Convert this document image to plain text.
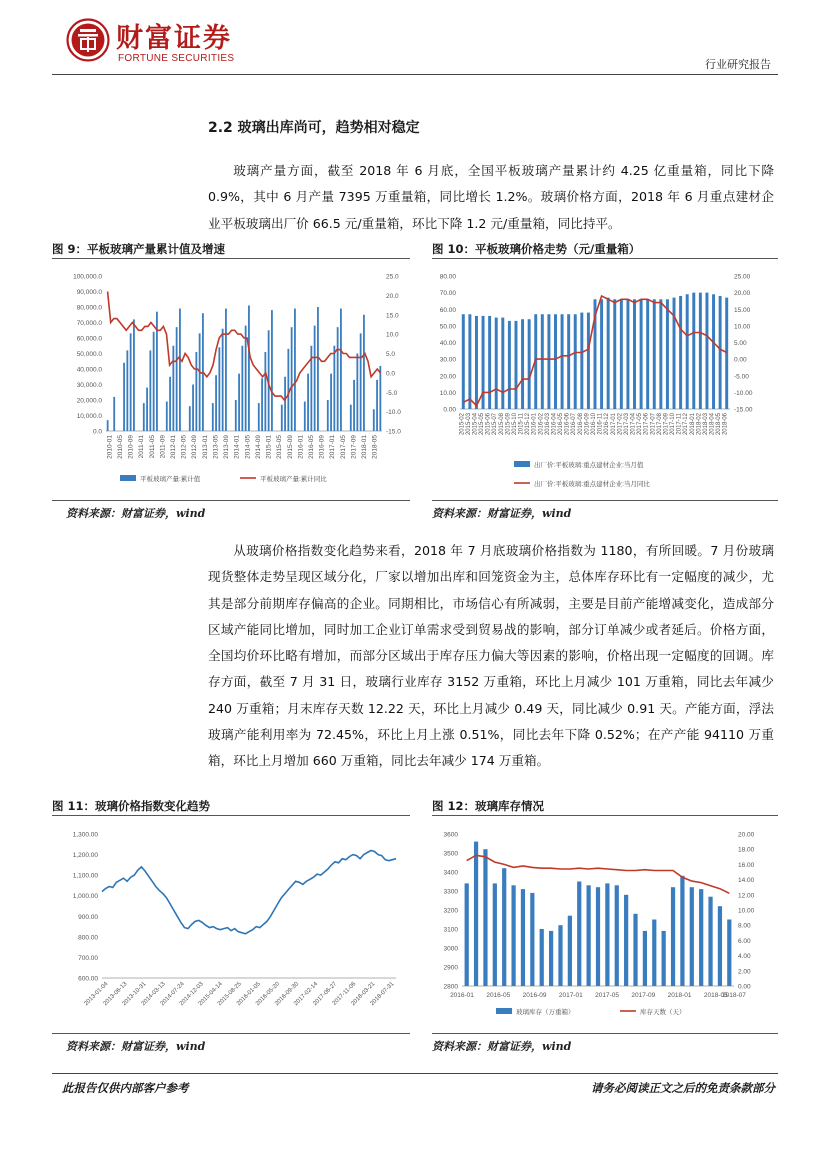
财富证券
FORTUNE SECURITIES	行业研究报告
2.2 玻璃出库尚可，趋势相对稳定

玻璃产量方面，截至 2018 年 6 月底，全国平板玻璃产量累计约 4.25 亿重量箱，同比下降 0.9%，其中 6 月产量 7395 万重量箱，同比增长 1.2%。玻璃价格方面，2018 年 6 月重点建材企业平板玻璃出厂价 66.5 元/重量箱，环比下降 1.2 元/重量箱，同比持平。

图 9：平板玻璃产量累计值及增速	图 10：平板玻璃价格走势（元/重量箱）
0.0
10,000.0
20,000.0
30,000.0
40,000.0
50,000.0
60,000.0
70,000.0
80,000.0
90,000.0
100,000.0
-15.0
-10.0
-5.0
0.0
5.0
10.0
15.0
20.0
25.0
2010-01 2010-05 2010-09 2011-01 2011-05 2011-09 2012-01 2012-05 2012-09 2013-01 2013-05 2013-09 2014-01 2014-05 2014-09 2015-01 2015-05 2015-09 2016-01 2016-05 2016-09 2017-01 2017-05 2017-09 2018-01 2018-05
平板玻璃产量:累计值	平板玻璃产量:累计同比
0.00
10.00
20.00
30.00
40.00
50.00
60.00
70.00
80.00
-15.00
-10.00
-5.00
0.00
5.00
10.00
15.00
20.00
25.00
2015-02 2015-03 2015-04 2015-05 2015-06 2015-07 2015-08 2015-09 2015-10 2015-11 2015-12 2016-01 2016-02 2016-03 2016-04 2016-05 2016-06 2016-07 2016-08 2016-09 2016-10 2016-11 2016-12 2017-01 2017-02 2017-03 2017-04 2017-05 2017-06 2017-07 2017-08 2017-09 2017-10 2017-11 2017-12 2018-01 2018-02 2018-03 2018-04 2018-05 2018-06
出厂价:平板玻璃:重点建材企业:当月值
出厂价:平板玻璃:重点建材企业:当月同比
资料来源：财富证券，wind	资料来源：财富证券，wind

从玻璃价格指数变化趋势来看，2018 年 7 月底玻璃价格指数为 1180，有所回暖。7 月份玻璃现货整体走势呈现区域分化，厂家以增加出库和回笼资金为主，总体库存环比有一定幅度的减少，尤其是部分前期库存偏高的企业。同期相比，市场信心有所减弱，主要是目前产能增减变化，造成部分区域产能同比增加，同时加工企业订单需求受到贸易战的影响，部分订单减少或者延后。价格方面，全国均价环比略有增加，而部分区域出于库存压力偏大等因素的影响，价格出现一定幅度的回调。库存方面，截至 7 月 31 日，玻璃行业库存 3152 万重箱，环比上月减少 101 万重箱，同比去年减少 240 万重箱；月末库存天数 12.22 天，环比上月减少 0.49 天，同比减少 0.91 天。产能方面，浮法玻璃产能利用率为 72.45%，环比上月上涨 0.51%，同比去年下降 0.52%；在产产能 94110 万重箱，环比上月增加 660 万重箱，同比去年减少 174 万重箱。

图 11：玻璃价格指数变化趋势	图 12：玻璃库存情况
600.00
700.00
800.00
900.00
1,000.00
1,100.00
1,200.00
1,300.00
2013-01-04
2013-06-13
2013-10-31
2014-03-13
2014-07-24
2014-12-03
2015-04-14
2015-08-25
2016-01-05
2016-05-20
2016-09-30
2017-02-14
2017-06-27
2017-11-06
2018-03-21
2018-07-31	2800
2900
3000
3100
3200
3300
3400
3500
3600
0.00
2.00
4.00
6.00
8.00
10.00
12.00
14.00
16.00
18.00
20.00
2016-01 2016-05 2016-09 2017-01 2017-05 2017-09 2018-01 2018-05
2018-07
玻璃库存（万重箱）	库存天数（天）
资料来源：财富证券，wind	资料来源：财富证券，wind
此报告仅供内部客户参考	请务必阅读正文之后的免责条款部分
